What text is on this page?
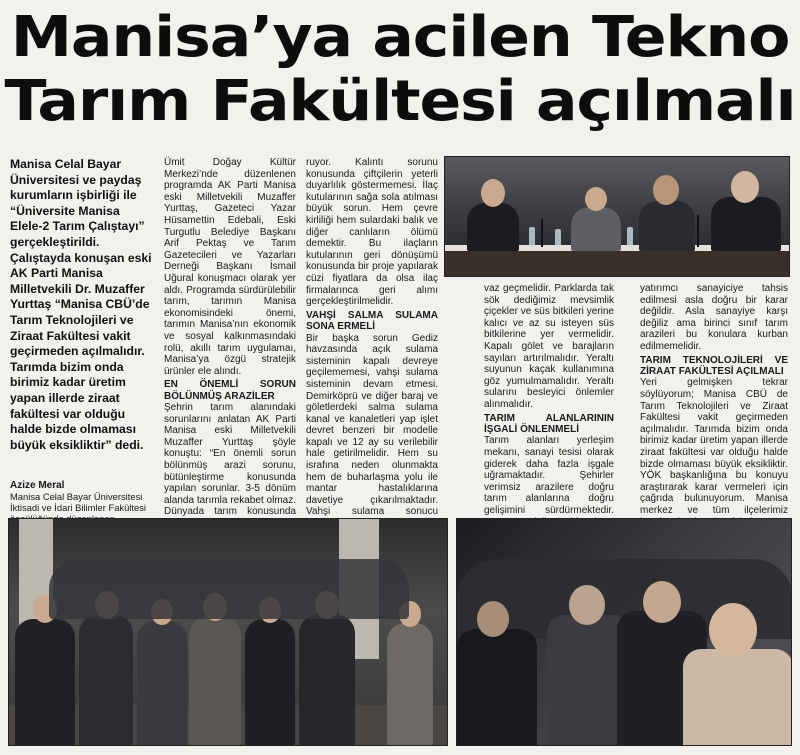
Manisa’ya acilen Tekno
Tarım Fakültesi açılmalı
Manisa Celal Bayar Üniversitesi ve paydaş kurumların işbirliği ile “Üniversite Manisa Elele-2 Tarım Çalıştayı” gerçekleştirildi. Çalıştayda konuşan eski AK Parti Manisa Milletvekili Dr. Muzaffer Yurttaş “Manisa CBÜ’de Tarım Teknolojileri ve Ziraat Fakültesi vakit geçirmeden açılmalıdır. Tarımda bizim onda birimiz kadar üretim yapan illerde ziraat fakültesi var olduğu halde bizde olmaması büyük eksikliktir” dedi.
Azize Meral
Manisa Celal Bayar Üniversitesi İktisadi ve İdari Bilimler Fakültesi

Ümit Doğay Kültür Merkezi’nde düzenlenen programda AK Parti Manisa eski Milletvekili Muzaffer Yurttaş, Gazeteci Yazar Hüsamettin Edebali, Eski Turgutlu Belediye Başkanı Arif Pektaş ve Tarım Gazetecileri ve Yazarları Derneği Başkanı İsmail Uğural konuşmacı olarak yer aldı. Programda sürdürülebilir tarım, tarımın Manisa ekonomisindeki önemi, tarımın Manisa’nın ekonomik ve sosyal kalkınmasındaki rolü, akıllı tarım uygulamaı, Manisa’ya özgü stratejik ürünler ele alındı.

EN ÖNEMLİ SORUN BÖLÜNMÜŞ ARAZİLER

Şehrin tarım alanındaki sorunlarını anlatan AK Parti Manisa eski Milletvekili Muzaffer Yurttaş şöyle konuştu: “En önemli sorun bölünmüş arazi sorunu, bütünleştirme konusunda yapılan sorunlar. 3-5 dönüm alanda tarımla rekabet olmaz. Dünyada tarım konusunda

ruyor. Kalıntı sorunu konusunda çiftçilerin yeterli duyarlılık göstermemesi. İlaç kutularının sağa sola atılması büyük sorun. Hem çevre kirliliği hem sulardaki balık ve diğer canlıların ölümü demektir. Bu ilaçların kutularının geri dönüşümü konusunda bir proje yapılarak cüzi fiyatlara da olsa ilaç firmalarınca geri alımı gerçekleştirilmelidir.

VAHŞİ SALMA SULAMA SONA ERMELİ

Bir başka sorun Gediz havzasında açık sulama sisteminin kapalı devreye geçilememesi, vahşi sulama sisteminin devam etmesi. Demirköprü ve diğer baraj ve göletlerdeki salma sulama kanal ve kanaletleri yap işlet devret benzeri bir modelle kapalı ve 12 ay su verilebilir hale getirilmelidir. Hem su israfına neden olunmakta hem de buharlaşma yolu ile mantar hastalıklarına davetiye çıkarılmaktadır. Vahşi sulama sonucu

vaz geçmelidir. Parklarda tak sök dediğimiz mevsimlik çiçekler ve süs bitkileri yerine kalıcı ve az su isteyen süs bitkilerine yer vermelidir. Kapalı gölet ve barajların sayıları artırılmalıdır. Yeraltı suyunun kaçak kullanımına göz yumulmamalıdır. Yeraltı sularını besleyici önlemler alınmalıdır.

TARIM ALANLARININ İŞGALİ ÖNLENMELİ

Tarım alanları yerleşim mekanı, sanayi tesisi olarak giderek daha fazla işgale uğramaktadır. Şehirler verimsiz arazilere doğru tarım alanlarına doğru gelişimini sürdürmektedir.

yatırımcı sanayiciye tahsis edilmesi asla doğru bir karar değildir. Asla sanayiye karşı değiliz ama birinci sınıf tarım arazileri bu konulara kurban edilmemelidir.

TARIM TEKNOLOJİLERİ VE ZİRAAT FAKÜLTESİ AÇILMALI

Yeri gelmişken tekrar söylüyorum; Manisa CBÜ de Tarım Teknolojileri ve Ziraat Fakültesi vakit geçirmeden açılmalıdır. Tarımda bizim onda birimiz kadar üretim yapan illerde ziraat fakültesi var olduğu halde bizde olmaması büyük eksikliktir. YÖK başkanlığına bu konuyu araştırarak karar vermeleri için çağrıda bulunuyorum. Manisa merkez ve tüm ilçelerimiz
